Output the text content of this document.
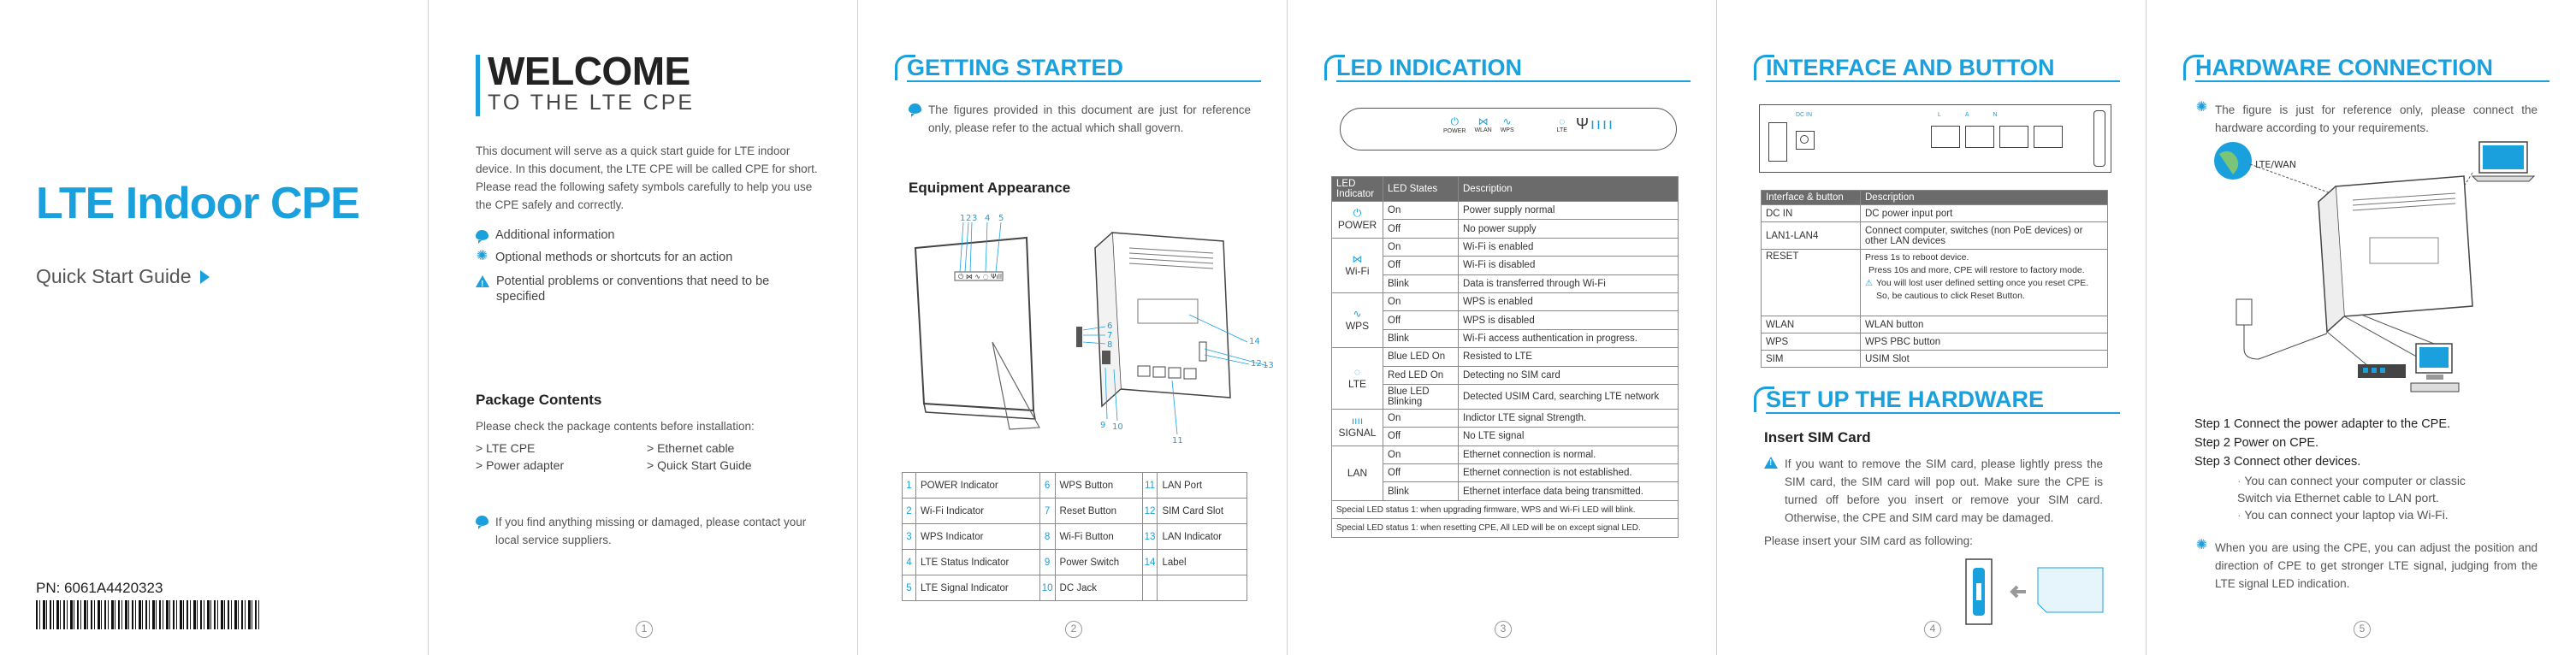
LTE Indoor CPE
Quick Start Guide
PN: 6061A4420323
1
WELCOME
TO THE LTE CPE
This document will serve as a quick start guide for LTE indoor device. In this document, the LTE CPE will be called CPE for short. Please read the following safety symbols carefully to help you use the CPE safely and correctly.
Additional information
✺ Optional methods or shortcuts for an action
!
Potential problems or conventions that need to be specified
Package Contents
Please check the package contents before installation:
> LTE CPE	> Ethernet cable
> Power adapter	> Quick Start Guide
If you find anything missing or damaged, please contact your local service suppliers.
2
GETTING STARTED
The figures provided in this document are just for reference only, please refer to the actual which shall govern.
Equipment Appearance
⏻ ⋈ ∿ ◌ Ψıll
1 2 3 4 5
6
7
8
9 10
11
12 13
14
1	POWER Indicator	6	WPS Button	11	LAN Port
2	Wi-Fi Indicator	7	Reset Button	12	SIM Card Slot
3	WPS Indicator	8	Wi-Fi Button	13	LAN Indicator
4	LTE Status Indicator	9	Power Switch	14	Label
5	LTE Signal Indicator	10	DC Jack		
3
LED INDICATION
⏻
POWER
⋈
WLAN
∿
WPS
◌
LTE Ψıııı
LED Indicator	LED States	Description

⏻
POWER	On	Power supply normal
	Off	No power supply

⋈
Wi-Fi	On	Wi-Fi is enabled
	Off	Wi-Fi is disabled
	Blink	Data is transferred through Wi-Fi

∿
WPS	On	WPS is enabled
	Off	WPS is disabled
	Blink	Wi-Fi access authentication in progress.

◌
LTE	Blue LED On	Resisted to LTE
	Red LED On	Detecting no SIM card
	Blue LED Blinking	Detected USIM Card, searching LTE network

ıııı
SIGNAL	On	Indictor LTE signal Strength.
	Off	No LTE signal
LAN	On	Ethernet connection is normal.
	Off	Ethernet connection is not established.
	Blink	Ethernet interface data being transmitted.
Special LED status 1: when upgrading firmware, WPS and Wi-Fi LED will blink.		
Special LED status 1: when resetting CPE, All LED will be on except signal LED.		
4
INTERFACE AND BUTTON
DC IN	LAN
Interface & button	Description
DC IN	DC power input port
LAN1-LAN4	Connect computer, switches (non PoE devices) or other LAN devices
RESET	Press 1s to reboot device.
Press 10s and more, CPE will restore to factory mode.
⚠ You will lost user defined setting once you reset CPE. So, be cautious to click Reset Button.

WLAN	WLAN button
WPS	WPS PBC button
SIM	USIM Slot
SET UP THE HARDWARE
Insert SIM Card
!
If you want to remove the SIM card, please lightly press the SIM card, the SIM card will pop out. Make sure the CPE is turned off before you insert or remove your SIM card. Otherwise, the CPE and SIM card may be damaged.
Please insert your SIM card as following:
5
HARDWARE CONNECTION
✺ The figure is just for reference only, please connect the hardware according to your requirements.
LTE/WAN
Step 1 Connect the power adapter to the CPE.
Step 2 Power on CPE.
Step 3 Connect other devices.
· You can connect your computer or classic Switch via Ethernet cable to LAN port.
· You can connect your laptop via Wi-Fi.
✺ When you are using the CPE, you can adjust the position and direction of CPE to get stronger LTE signal, judging from the LTE signal LED indication.
